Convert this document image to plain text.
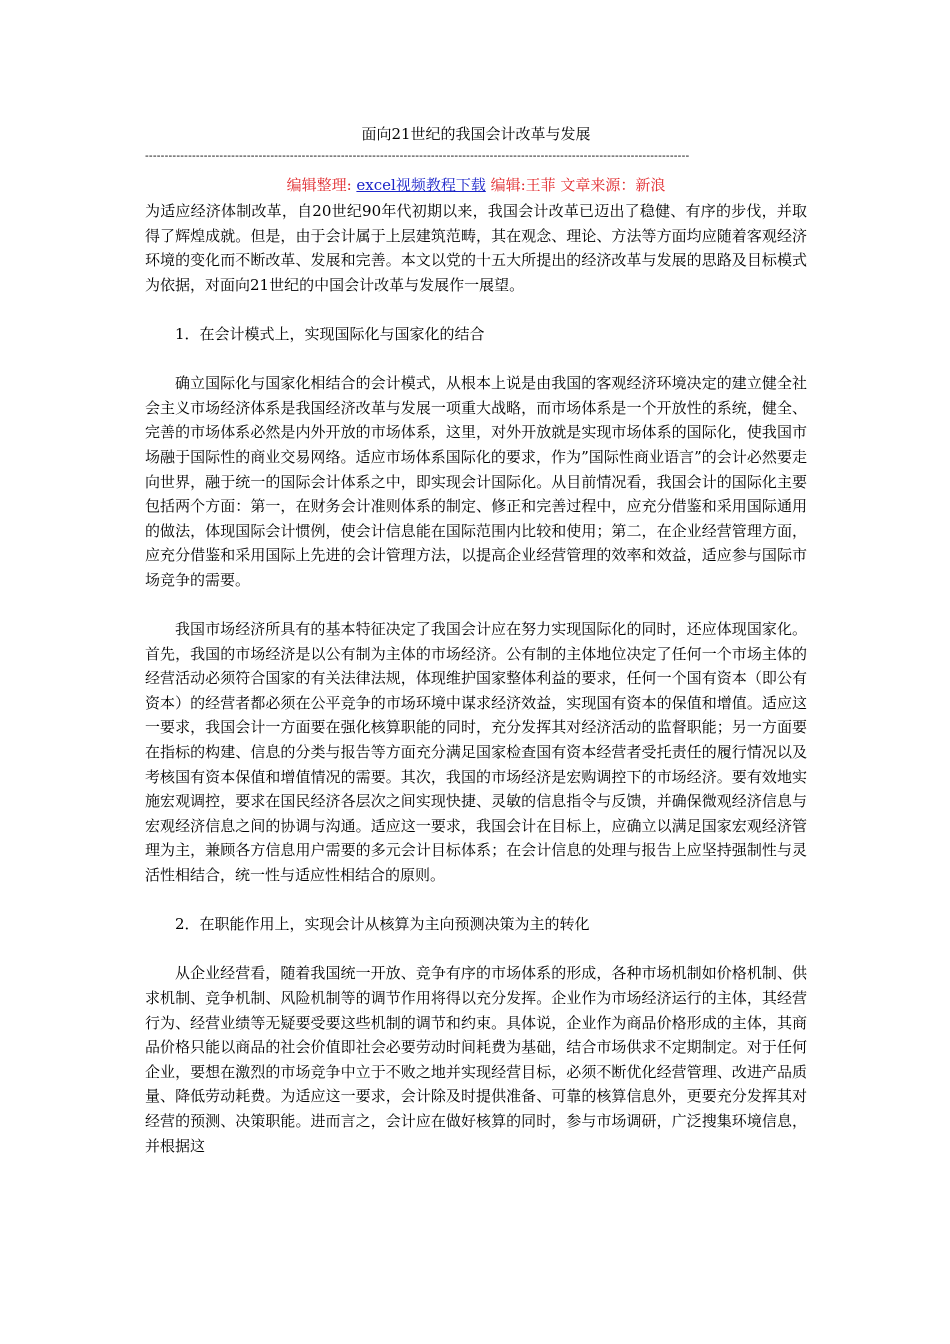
面向21世纪的我国会计改革与发展
-------------------------------------------------------------------------------------------------------------------------------------------
编辑整理: excel视频教程下载 编辑:王菲 文章来源：新浪

为适应经济体制改革，自20世纪90年代初期以来，我国会计改革已迈出了稳健、有序的步伐，并取得了辉煌成就。但是，由于会计属于上层建筑范畴，其在观念、理论、方法等方面均应随着客观经济环境的变化而不断改革、发展和完善。本文以党的十五大所提出的经济改革与发展的思路及目标模式为依据，对面向21世纪的中国会计改革与发展作一展望。

1．在会计模式上，实现国际化与国家化的结合

确立国际化与国家化相结合的会计模式，从根本上说是由我国的客观经济环境决定的建立健全社会主义市场经济体系是我国经济改革与发展一项重大战略，而市场体系是一个开放性的系统，健全、完善的市场体系必然是内外开放的市场体系，这里，对外开放就是实现市场体系的国际化，使我国市场融于国际性的商业交易网络。适应市场体系国际化的要求，作为”国际性商业语言”的会计必然要走向世界，融于统一的国际会计体系之中，即实现会计国际化。从目前情况看，我国会计的国际化主要包括两个方面：第一，在财务会计准则体系的制定、修正和完善过程中，应充分借鉴和采用国际通用的做法，体现国际会计惯例，使会计信息能在国际范围内比较和使用；第二，在企业经营管理方面，应充分借鉴和采用国际上先进的会计管理方法，以提高企业经营管理的效率和效益，适应参与国际市场竞争的需要。

我国市场经济所具有的基本特征决定了我国会计应在努力实现国际化的同时，还应体现国家化。首先，我国的市场经济是以公有制为主体的市场经济。公有制的主体地位决定了任何一个市场主体的经营活动必须符合国家的有关法律法规，体现维护国家整体利益的要求，任何一个国有资本（即公有资本）的经营者都必须在公平竞争的市场环境中谋求经济效益，实现国有资本的保值和增值。适应这一要求，我国会计一方面要在强化核算职能的同时，充分发挥其对经济活动的监督职能；另一方面要在指标的构建、信息的分类与报告等方面充分满足国家检查国有资本经营者受托责任的履行情况以及考核国有资本保值和增值情况的需要。其次，我国的市场经济是宏购调控下的市场经济。要有效地实施宏观调控，要求在国民经济各层次之间实现快捷、灵敏的信息指令与反馈，并确保微观经济信息与宏观经济信息之间的协调与沟通。适应这一要求，我国会计在目标上，应确立以满足国家宏观经济管理为主，兼顾各方信息用户需要的多元会计目标体系；在会计信息的处理与报告上应坚持强制性与灵活性相结合，统一性与适应性相结合的原则。

2．在职能作用上，实现会计从核算为主向预测决策为主的转化

从企业经营看，随着我国统一开放、竞争有序的市场体系的形成，各种市场机制如价格机制、供求机制、竞争机制、风险机制等的调节作用将得以充分发挥。企业作为市场经济运行的主体，其经营行为、经营业绩等无疑要受要这些机制的调节和约束。具体说，企业作为商品价格形成的主体，其商品价格只能以商品的社会价值即社会必要劳动时间耗费为基础，结合市场供求不定期制定。对于任何企业，要想在激烈的市场竞争中立于不败之地并实现经营目标，必须不断优化经营管理、改进产品质量、降低劳动耗费。为适应这一要求，会计除及时提供准备、可靠的核算信息外，更要充分发挥其对经营的预测、决策职能。进而言之，会计应在做好核算的同时，参与市场调研，广泛搜集环境信息，并根据这
